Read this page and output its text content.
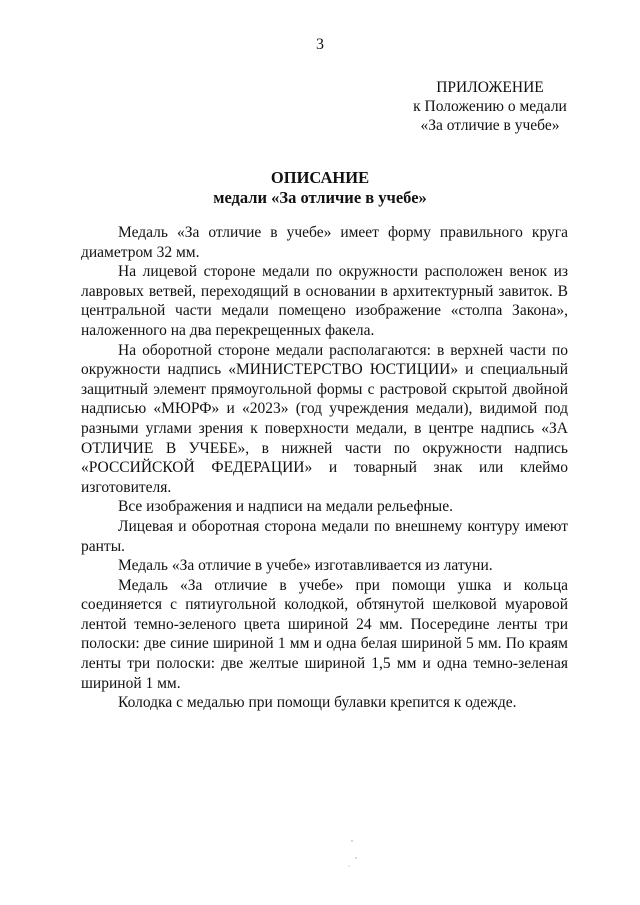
3
ПРИЛОЖЕНИЕ
к Положению о медали
«За отличие в учебе»
ОПИСАНИЕ
медали «За отличие в учебе»

Медаль «За отличие в учебе» имеет форму правильного круга диаметром 32 мм.

На лицевой стороне медали по окружности расположен венок из лавровых ветвей, переходящий в основании в архитектурный завиток. В центральной части медали помещено изображение «столпа Закона», наложенного на два перекрещенных факела.

На оборотной стороне медали располагаются: в верхней части по окружности надпись «МИНИСТЕРСТВО ЮСТИЦИИ» и специальный защитный элемент прямоугольной формы с растровой скрытой двойной надписью «МЮРФ» и «2023» (год учреждения медали), видимой под разными углами зрения к поверхности медали, в центре надпись «ЗА ОТЛИЧИЕ В УЧЕБЕ», в нижней части по окружности надпись «РОССИЙСКОЙ ФЕДЕРАЦИИ» и товарный знак или клеймо изготовителя.

Все изображения и надписи на медали рельефные.

Лицевая и оборотная сторона медали по внешнему контуру имеют ранты.

Медаль «За отличие в учебе» изготавливается из латуни.

Медаль «За отличие в учебе» при помощи ушка и кольца соединяется с пятиугольной колодкой, обтянутой шелковой муаровой лентой темно-зеленого цвета шириной 24 мм. Посередине ленты три полоски: две синие шириной 1 мм и одна белая шириной 5 мм. По краям ленты три полоски: две желтые шириной 1,5 мм и одна темно-зеленая шириной 1 мм.

Колодка с медалью при помощи булавки крепится к одежде.
